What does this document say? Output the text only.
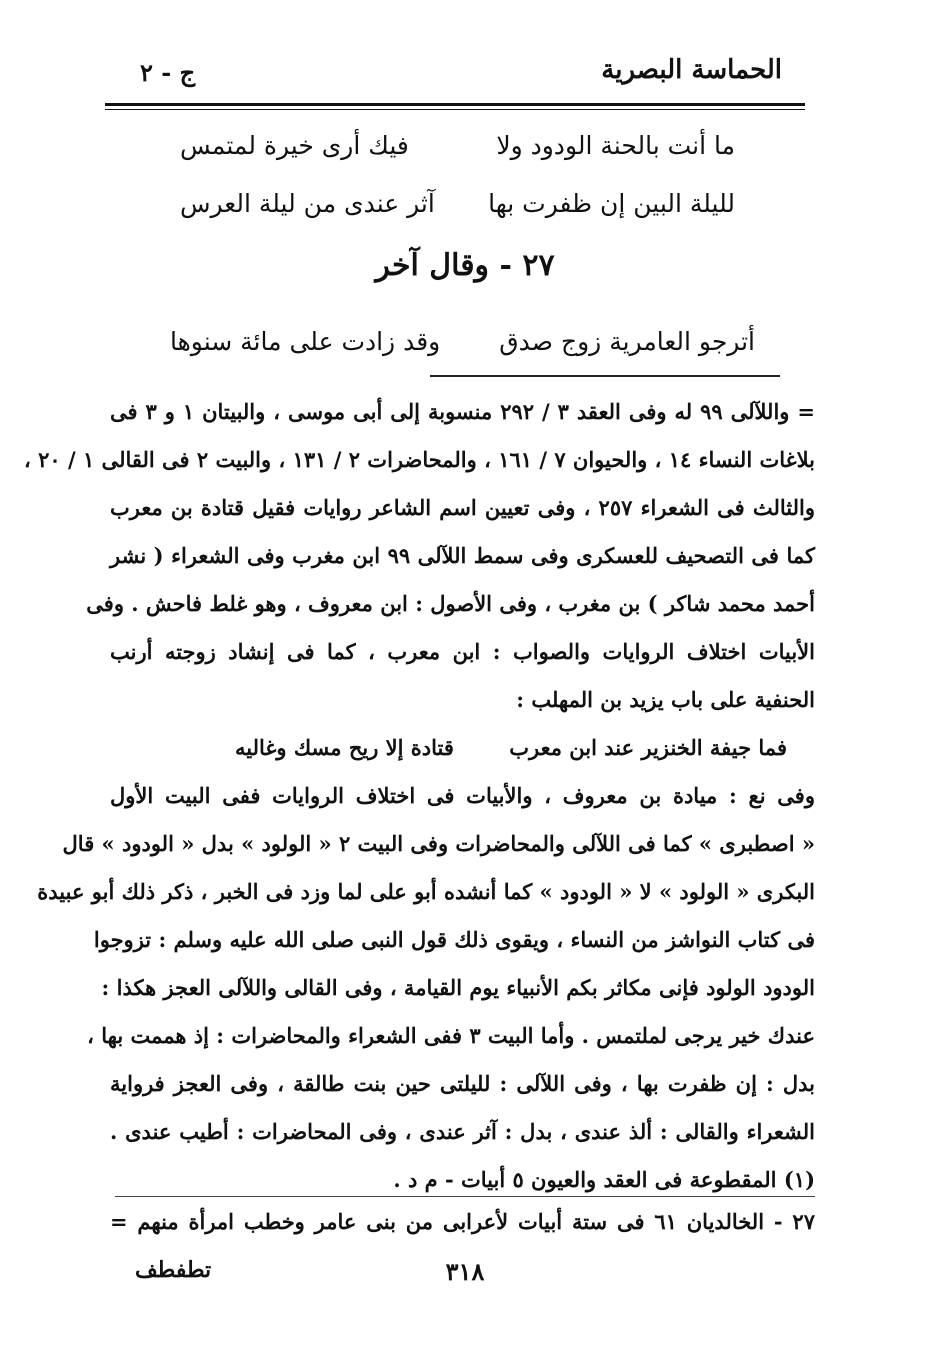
الحماسة البصرية
ج - ٢
ما أنت بالحنة الودود ولا
فيك أرى خيرة لمتمس
لليلة البين إن ظفرت بها
آثر عندى من ليلة العرس
٢٧ - وقال آخر
أترجو العامرية زوج صدق
وقد زادت على مائة سنوها
= واللآلى ٩٩ له وفى العقد ٣ / ٢٩٢ منسوبة إلى أبى موسى ، والبيتان ١ و ٣ فى
بلاغات النساء ١٤ ، والحيوان ٧ / ١٦١ ، والمحاضرات ٢ / ١٣١ ، والبيت ٢ فى القالى ١ / ٢٠ ،
والثالث فى الشعراء ٢٥٧ ، وفى تعيين اسم الشاعر روايات فقيل قتادة بن معرب
كما فى التصحيف للعسكرى وفى سمط اللآلى ٩٩ ابن مغرب وفى الشعراء ( نشر
أحمد محمد شاكر ) بن مغرب ، وفى الأصول : ابن معروف ، وهو غلط فاحش . وفى
الأبيات اختلاف الروايات والصواب : ابن معرب ، كما فى إنشاد زوجته أرنب
الحنفية على باب يزيد بن المهلب :
فما جيفة الخنزير عند ابن معرب
قتادة إلا ريح مسك وغاليه
وفى نع : ميادة بن معروف ، والأبيات فى اختلاف الروايات ففى البيت الأول
« اصطبرى » كما فى اللآلى والمحاضرات وفى البيت ٢ « الولود » بدل « الودود » قال
البكرى « الولود » لا « الودود » كما أنشده أبو على لما وزد فى الخبر ، ذكر ذلك أبو عبيدة
فى كتاب النواشز من النساء ، ويقوى ذلك قول النبى صلى الله عليه وسلم : تزوجوا
الودود الولود فإنى مكاثر بكم الأنبياء يوم القيامة ، وفى القالى واللآلى العجز هكذا :
عندك خير يرجى لملتمس . وأما البيت ٣ ففى الشعراء والمحاضرات : إذ هممت بها ،
بدل : إن ظفرت بها ، وفى اللآلى : لليلتى حين بنت طالقة ، وفى العجز فرواية
الشعراء والقالى : ألذ عندى ، بدل : آثر عندى ، وفى المحاضرات : أطيب عندى .
(١) المقطوعة فى العقد والعيون ٥ أبيات - م د .
٢٧ - الخالديان ٦١ فى ستة أبيات لأعرابى من بنى عامر وخطب امرأة منهم =
تطفطف	٣١٨
